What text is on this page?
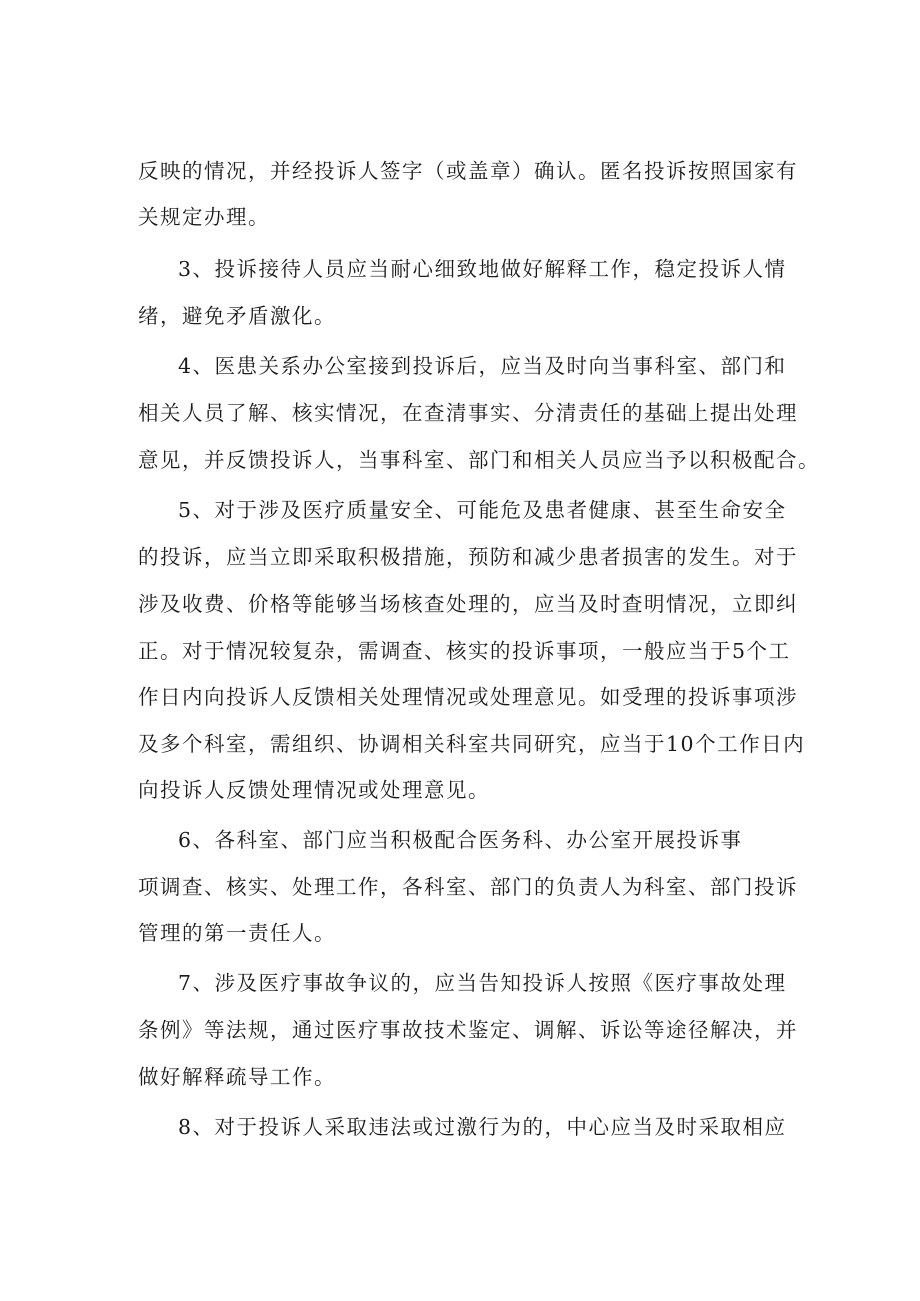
反映的情况，并经投诉人签字（或盖章）确认。匿名投诉按照国家有
关规定办理。
3、投诉接待人员应当耐心细致地做好解释工作，稳定投诉人情
绪，避免矛盾激化。
4、医患关系办公室接到投诉后，应当及时向当事科室、部门和
相关人员了解、核实情况，在查清事实、分清责任的基础上提出处理
意见，并反馈投诉人，当事科室、部门和相关人员应当予以积极配合。
5、对于涉及医疗质量安全、可能危及患者健康、甚至生命安全
的投诉，应当立即采取积极措施，预防和减少患者损害的发生。对于
涉及收费、价格等能够当场核查处理的，应当及时查明情况，立即纠
正。对于情况较复杂，需调查、核实的投诉事项，一般应当于5个工
作日内向投诉人反馈相关处理情况或处理意见。如受理的投诉事项涉
及多个科室，需组织、协调相关科室共同研究，应当于10个工作日内
向投诉人反馈处理情况或处理意见。
6、各科室、部门应当积极配合医务科、办公室开展投诉事
项调查、核实、处理工作，各科室、部门的负责人为科室、部门投诉
管理的第一责任人。
7、涉及医疗事故争议的，应当告知投诉人按照《医疗事故处理
条例》等法规，通过医疗事故技术鉴定、调解、诉讼等途径解决，并
做好解释疏导工作。
8、对于投诉人采取违法或过激行为的，中心应当及时采取相应
